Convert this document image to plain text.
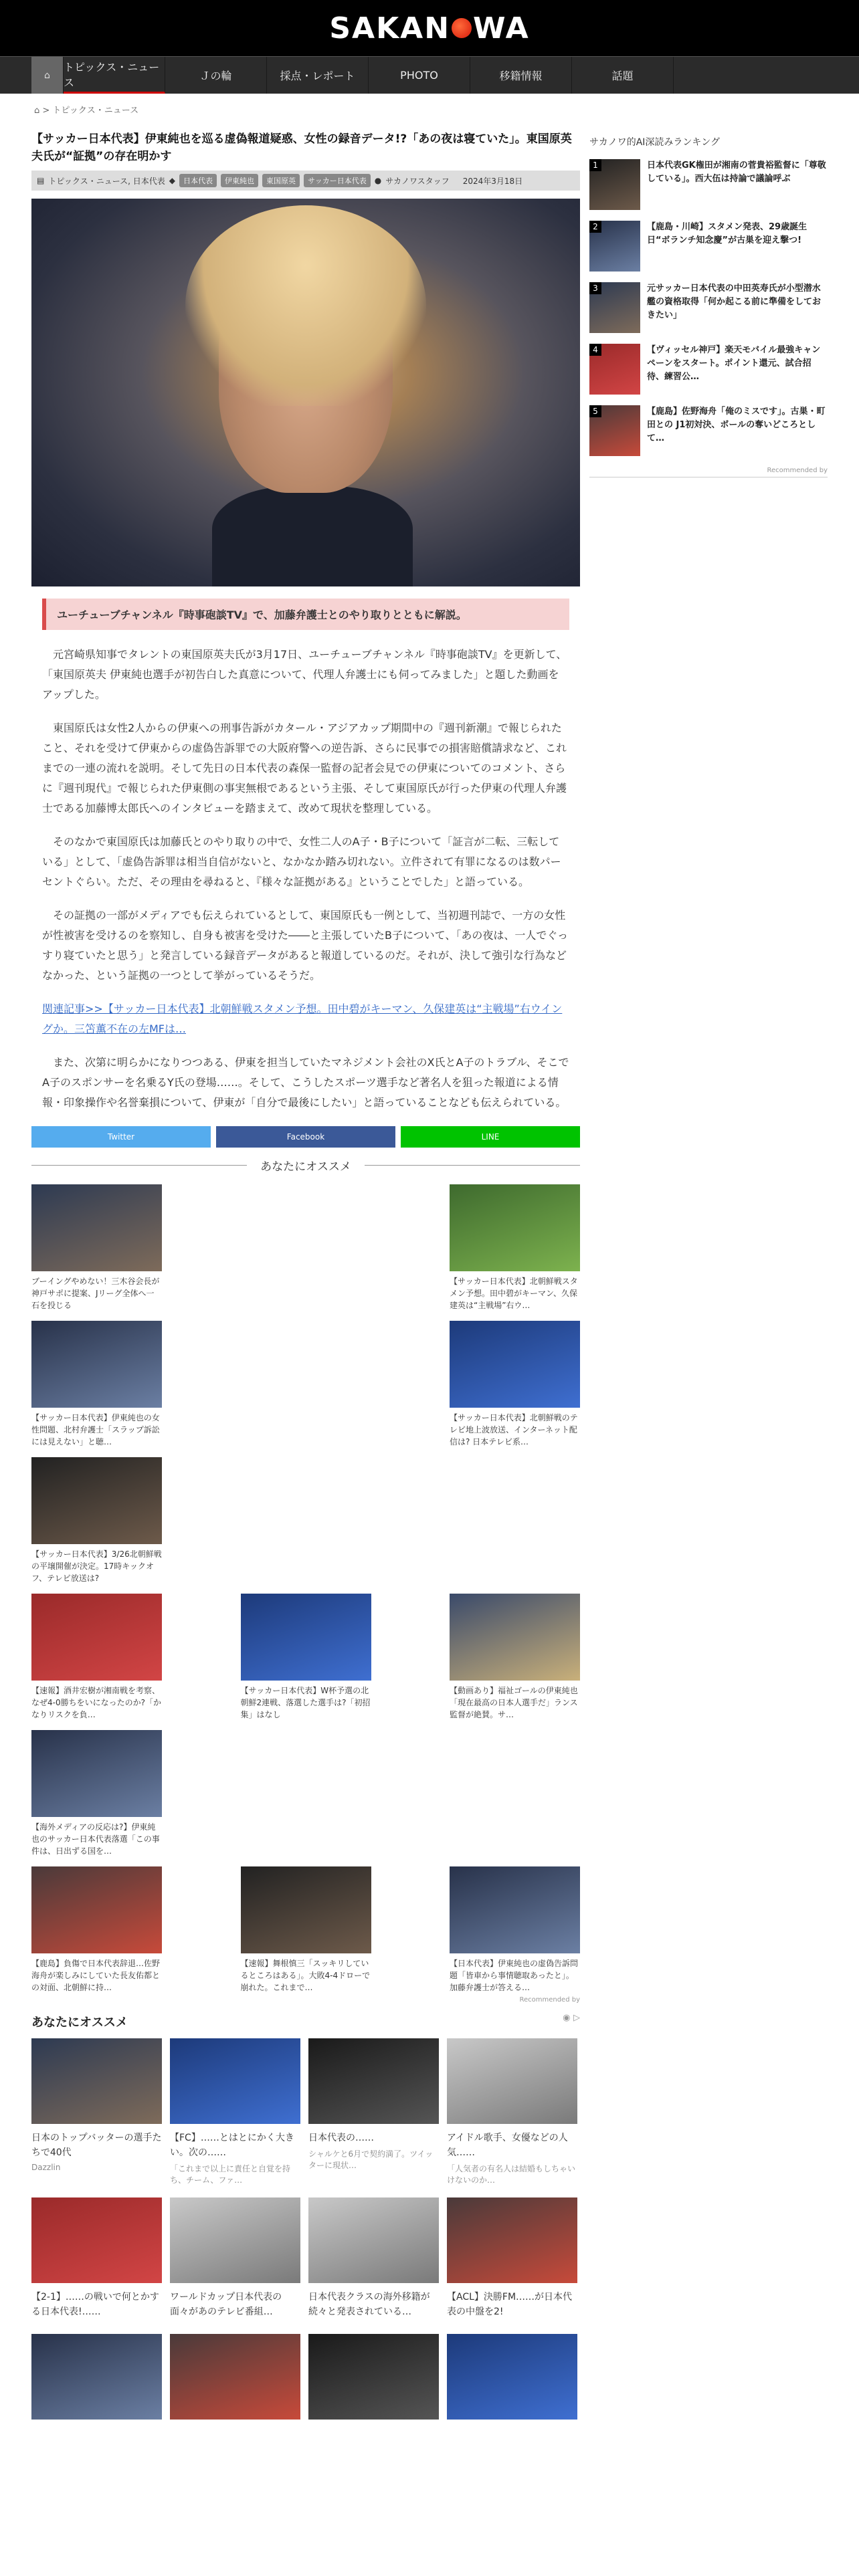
SAKAN WA
⌂
トピックス・ニュース
Ｊの輪	採点・レポート	PHOTO	移籍情報	話題
⌂ > トピックス・ニュース
【サッカー日本代表】伊東純也を巡る虚偽報道疑惑、女性の録音データ!?「あの夜は寝ていた」。東国原英夫氏が“証拠”の存在明かす
▤ トピックス・ニュース, 日本代表 ◆	日本代表	伊東純也	東国原英	サッカー日本代表	● サカノワスタッフ 2024年3月18日
ユーチューブチャンネル『時事砲談TV』で、加藤弁護士とのやり取りとともに解説。

元宮崎県知事でタレントの東国原英夫氏が3月17日、ユーチューブチャンネル『時事砲談TV』を更新して、「東国原英夫 伊東純也選手が初告白した真意について、代理人弁護士にも伺ってみました」と題した動画をアップした。

東国原氏は女性2人からの伊東への刑事告訴がカタール・アジアカップ期間中の『週刊新潮』で報じられたこと、それを受けて伊東からの虚偽告訴罪での大阪府警への逆告訴、さらに民事での損害賠償請求など、これまでの一連の流れを説明。そして先日の日本代表の森保一監督の記者会見での伊東についてのコメント、さらに『週刊現代』で報じられた伊東側の事実無根であるという主張、そして東国原氏が行った伊東の代理人弁護士である加藤博太郎氏へのインタビューを踏まえて、改めて現状を整理している。

そのなかで東国原氏は加藤氏とのやり取りの中で、女性二人のA子・B子について「証言が二転、三転している」として、「虚偽告訴罪は相当自信がないと、なかなか踏み切れない。立件されて有罪になるのは数パーセントぐらい。ただ、その理由を尋ねると、『様々な証拠がある』ということでした」と語っている。

その証拠の一部がメディアでも伝えられているとして、東国原氏も一例として、当初週刊誌で、一方の女性が性被害を受けるのを察知し、自身も被害を受けた――と主張していたB子について、「あの夜は、一人でぐっすり寝ていたと思う」と発言している録音データがあると報道しているのだ。それが、決して強引な行為などなかった、という証拠の一つとして挙がっているそうだ。

関連記事>>【サッカー日本代表】北朝鮮戦スタメン予想。田中碧がキーマン、久保建英は“主戦場”右ウイングか。三笘薫不在の左MFは…

また、次第に明らかになりつつある、伊東を担当していたマネジメント会社のX氏とA子のトラブル、そこでA子のスポンサーを名乗るY氏の登場……。そして、こうしたスポーツ選手など著名人を狙った報道による情報・印象操作や名誉棄損について、伊東が「自分で最後にしたい」と語っていることなども伝えられている。

Twitter	Facebook	LINE
あなたにオススメ
ブーイングやめない！三木谷会長が神戸サポに提案、Jリーグ全体へ一石を投じる
【サッカー日本代表】北朝鮮戦スタメン予想。田中碧がキーマン、久保建英は“主戦場”右ウ…
【サッカー日本代表】伊東純也の女性問題、北村弁護士「スラップ訴訟には見えない」と聴…
【サッカー日本代表】北朝鮮戦のテレビ地上波放送、インターネット配信は? 日本テレビ系…
【サッカー日本代表】3/26北朝鮮戦の平壌開催が決定。17時キックオフ、テレビ放送は?
【速報】酒井宏樹が湘南戦を考察、なぜ4-0勝ちをいになったのか?「かなりリスクを負…
【サッカー日本代表】W杯予選の北朝鮮2連戦、落選した選手は?「初招集」はなし
【動画あり】福祉ゴールの伊東純也「現在最高の日本人選手だ」ランス監督が絶賛。サ…
【海外メディアの反応は?】伊東純也のサッカー日本代表落選「この事件は、日出ずる国を…
【鹿島】負傷で日本代表辞退…佐野海舟が楽しみにしていた長友佑都との対面、北朝鮮に持…
【速報】舞根慎三「スッキリしているところはある」。大敗4-4ドローで崩れた。これまで…
【日本代表】伊東純也の虚偽告訴問題「皆車から事情聴取あったと」。加藤弁護士が答える…
Recommended by
あなたにオススメ	◉ ▷
日本のトップバッターの選手たちで40代
Dazzlin
【FC】……とはとにかく大きい。次の……
「これまで以上に責任と自覚を持ち、チーム、ファ…
日本代表の……
シャルケと6月で契約満了。ツイッターに現状…
アイドル歌手、女優などの人気……
「人気者の有名人は結婚もしちゃいけないのか…
【2-1】……の戦いで何とかする日本代表!……
ワールドカップ日本代表の面々があのテレビ番組…
日本代表クラスの海外移籍が続々と発表されている…
【ACL】決勝FM……が日本代表の中盤を2!
サカノワ的AI深読みランキング
1	日本代表GK権田が湘南の菅貴裕監督に「尊敬している」。西大伍は持論で議論呼ぶ
2	【鹿島・川崎】スタメン発表、29歳誕生日“ボランチ知念慶”が古巣を迎え撃つ!
3	元サッカー日本代表の中田英寿氏が小型潜水艦の資格取得「何か起こる前に準備をしておきたい」
4	【ヴィッセル神戸】楽天モバイル最強キャンペーンをスタート。ポイント還元、試合招待、練習公…
5	【鹿島】佐野海舟「俺のミスです」。古巣・町田との J1初対決、ボールの奪いどころとして…
Recommended by
